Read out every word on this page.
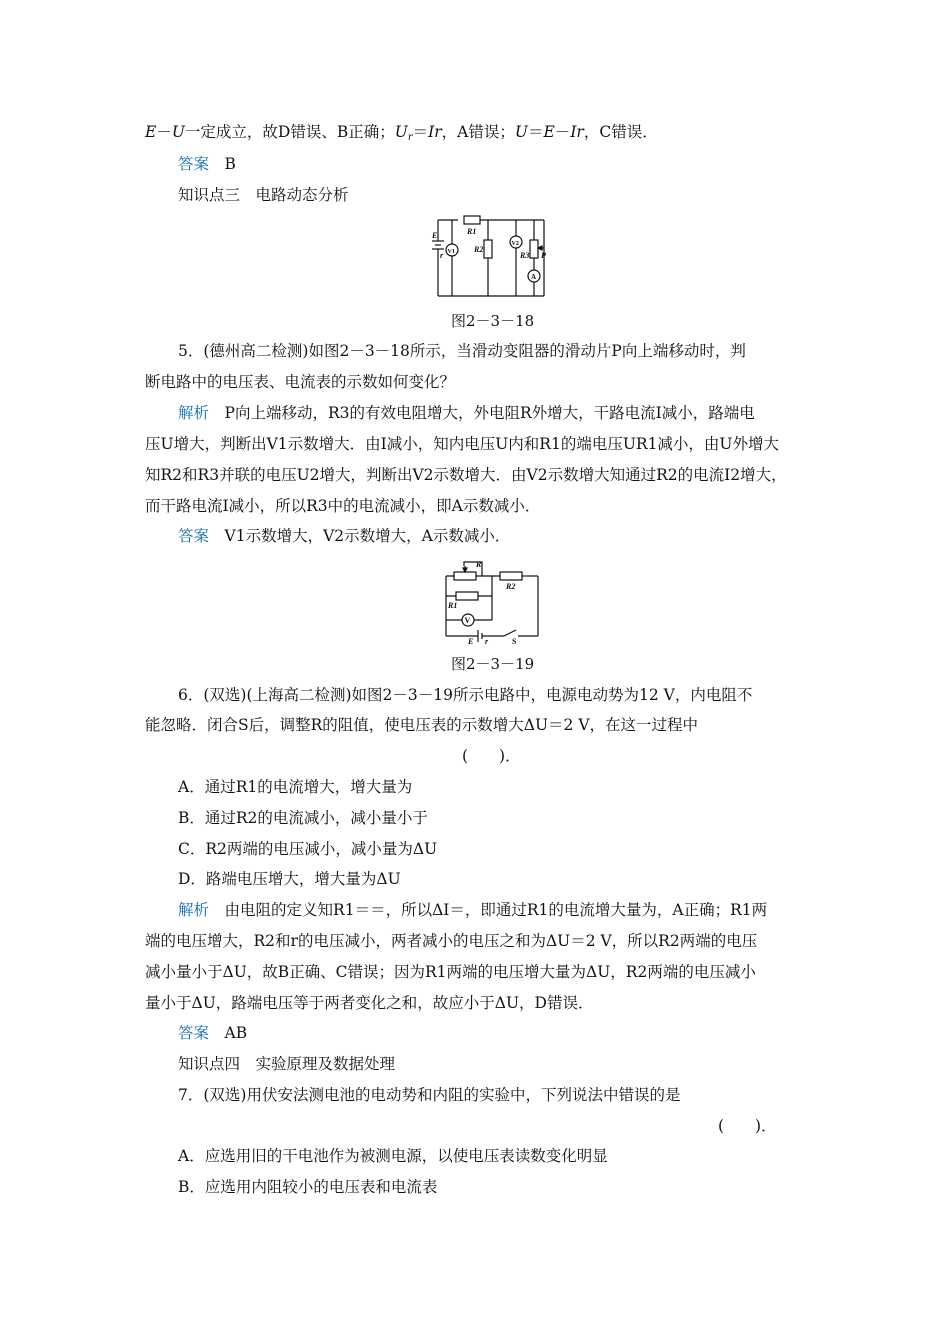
E－U一定成立，故D错误、B正确；$U_r=Ir$，A错误；U＝E－Ir，C错误．
答案　 B
知识点三　电路动态分析
E
r V1
R1
R2
V2
R3 P
A
图2－3－18
5．(德州高二检测)如图2－3－18所示，当滑动变阻器的滑动片P向上端移动时，判
断电路中的电压表、电流表的示数如何变化？
解析　 P向上端移动，R3的有效电阻增大，外电阻R外增大，干路电流I减小，路端电
压U增大，判断出V1示数增大．由I减小，知内电压U内和R1的端电压UR1减小，由U外增大
知R2和R3并联的电压U2增大，判断出V2示数增大．由V2示数增大知通过R2的电流I2增大，
而干路电流I减小，所以R3中的电流减小，即A示数减小．
答案　 V1示数增大，V2示数增大，A示数减小．
R
R2
R1
V
E r	S
图2－3－19
6．(双选)(上海高二检测)如图2－3－19所示电路中，电源电动势为12 V，内电阻不
能忽略．闭合S后，调整R的阻值，使电压表的示数增大ΔU＝2 V，在这一过程中
(　　)．
A．通过R1的电流增大，增大量为
B．通过R2的电流减小，减小量小于
C．R2两端的电压减小，减小量为ΔU
D．路端电压增大，增大量为ΔU
解析　 由电阻的定义知R1＝＝，所以ΔI＝，即通过R1的电流增大量为，A正确；R1两
端的电压增大，R2和r的电压减小，两者减小的电压之和为ΔU＝2 V，所以R2两端的电压
减小量小于ΔU，故B正确、C错误；因为R1两端的电压增大量为ΔU，R2两端的电压减小
量小于ΔU，路端电压等于两者变化之和，故应小于ΔU，D错误．
答案　 AB
知识点四　实验原理及数据处理
7．(双选)用伏安法测电池的电动势和内阻的实验中，下列说法中错误的是
(　　)．
A．应选用旧的干电池作为被测电源，以使电压表读数变化明显
B．应选用内阻较小的电压表和电流表
